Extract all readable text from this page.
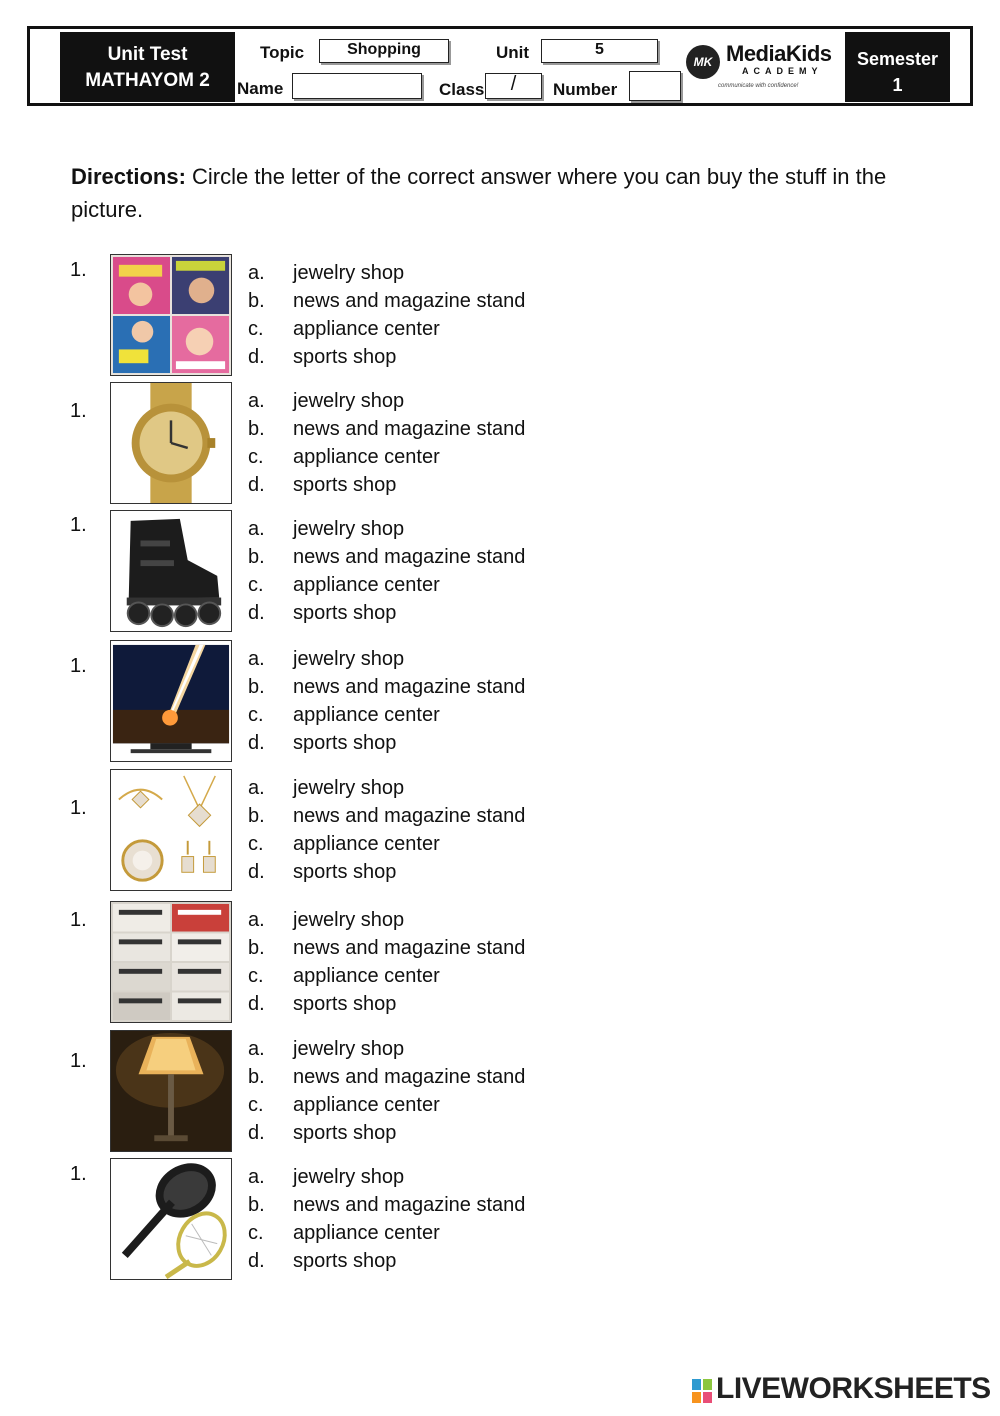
Unit Test
MATHAYOM 2
Topic	Shopping	Unit	5
Name	Class	/	Number
MK MediaKids
ACADEMY
communicate with confidence!
Semester
1
Directions: Circle the letter of the correct answer where you can buy the stuff in the picture.
1.	a. jewelry shop
b. news and magazine stand
c. appliance center
d. sports shop
1.	a. jewelry shop
b. news and magazine stand
c. appliance center
d. sports shop
1.	a. jewelry shop
b. news and magazine stand
c. appliance center
d. sports shop
1.	a. jewelry shop
b. news and magazine stand
c. appliance center
d. sports shop
1.
a. jewelry shop
b. news and magazine stand
c. appliance center
d. sports shop
1.	a. jewelry shop
b. news and magazine stand
c. appliance center
d. sports shop
1.
a. jewelry shop
b. news and magazine stand
c. appliance center
d. sports shop
1.	a. jewelry shop
b. news and magazine stand
c. appliance center
d. sports shop
LIVEWORKSHEETS
